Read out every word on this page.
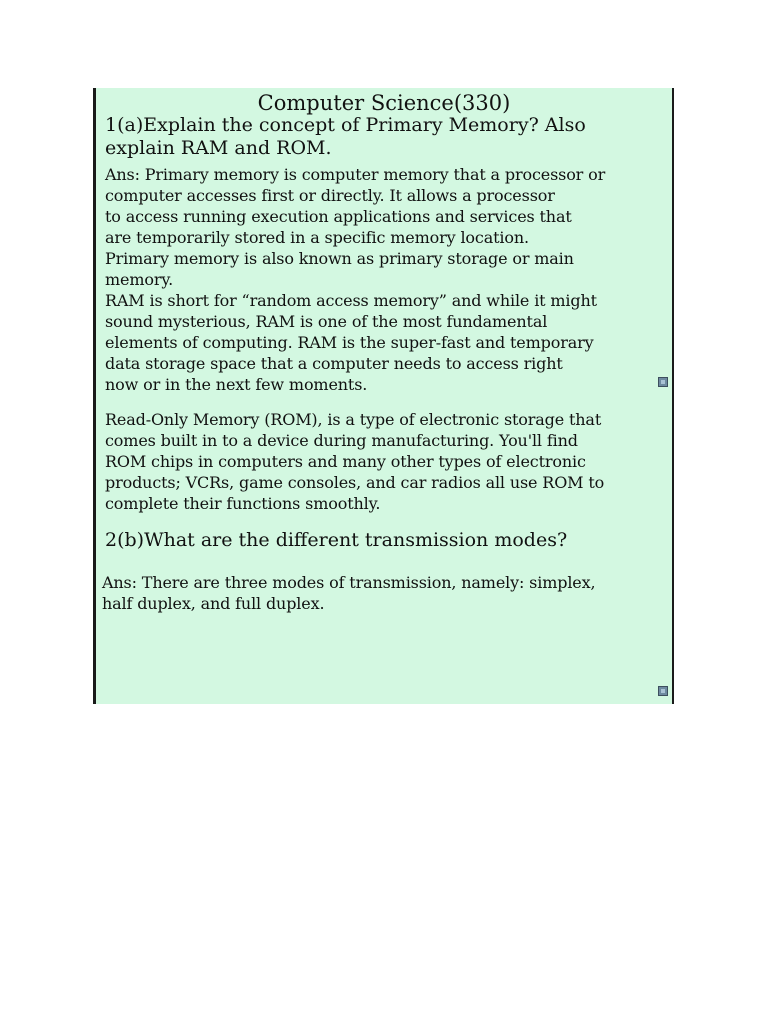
Computer Science(330)
1(a)Explain the concept of Primary Memory? Also
explain RAM and ROM.
Ans: Primary memory is computer memory that a processor or
computer accesses first or directly. It allows a processor
to access running execution applications and services that
are temporarily stored in a specific memory location.
Primary memory is also known as primary storage or main
memory.
RAM is short for “random access memory” and while it might
sound mysterious, RAM is one of the most fundamental
elements of computing. RAM is the super-fast and temporary
data storage space that a computer needs to access right
now or in the next few moments.
Read-Only Memory (ROM), is a type of electronic storage that
comes built in to a device during manufacturing. You'll find
ROM chips in computers and many other types of electronic
products; VCRs, game consoles, and car radios all use ROM to
complete their functions smoothly.
2(b)What are the different transmission modes?
Ans: There are three modes of transmission, namely: simplex,
half duplex, and full duplex.
